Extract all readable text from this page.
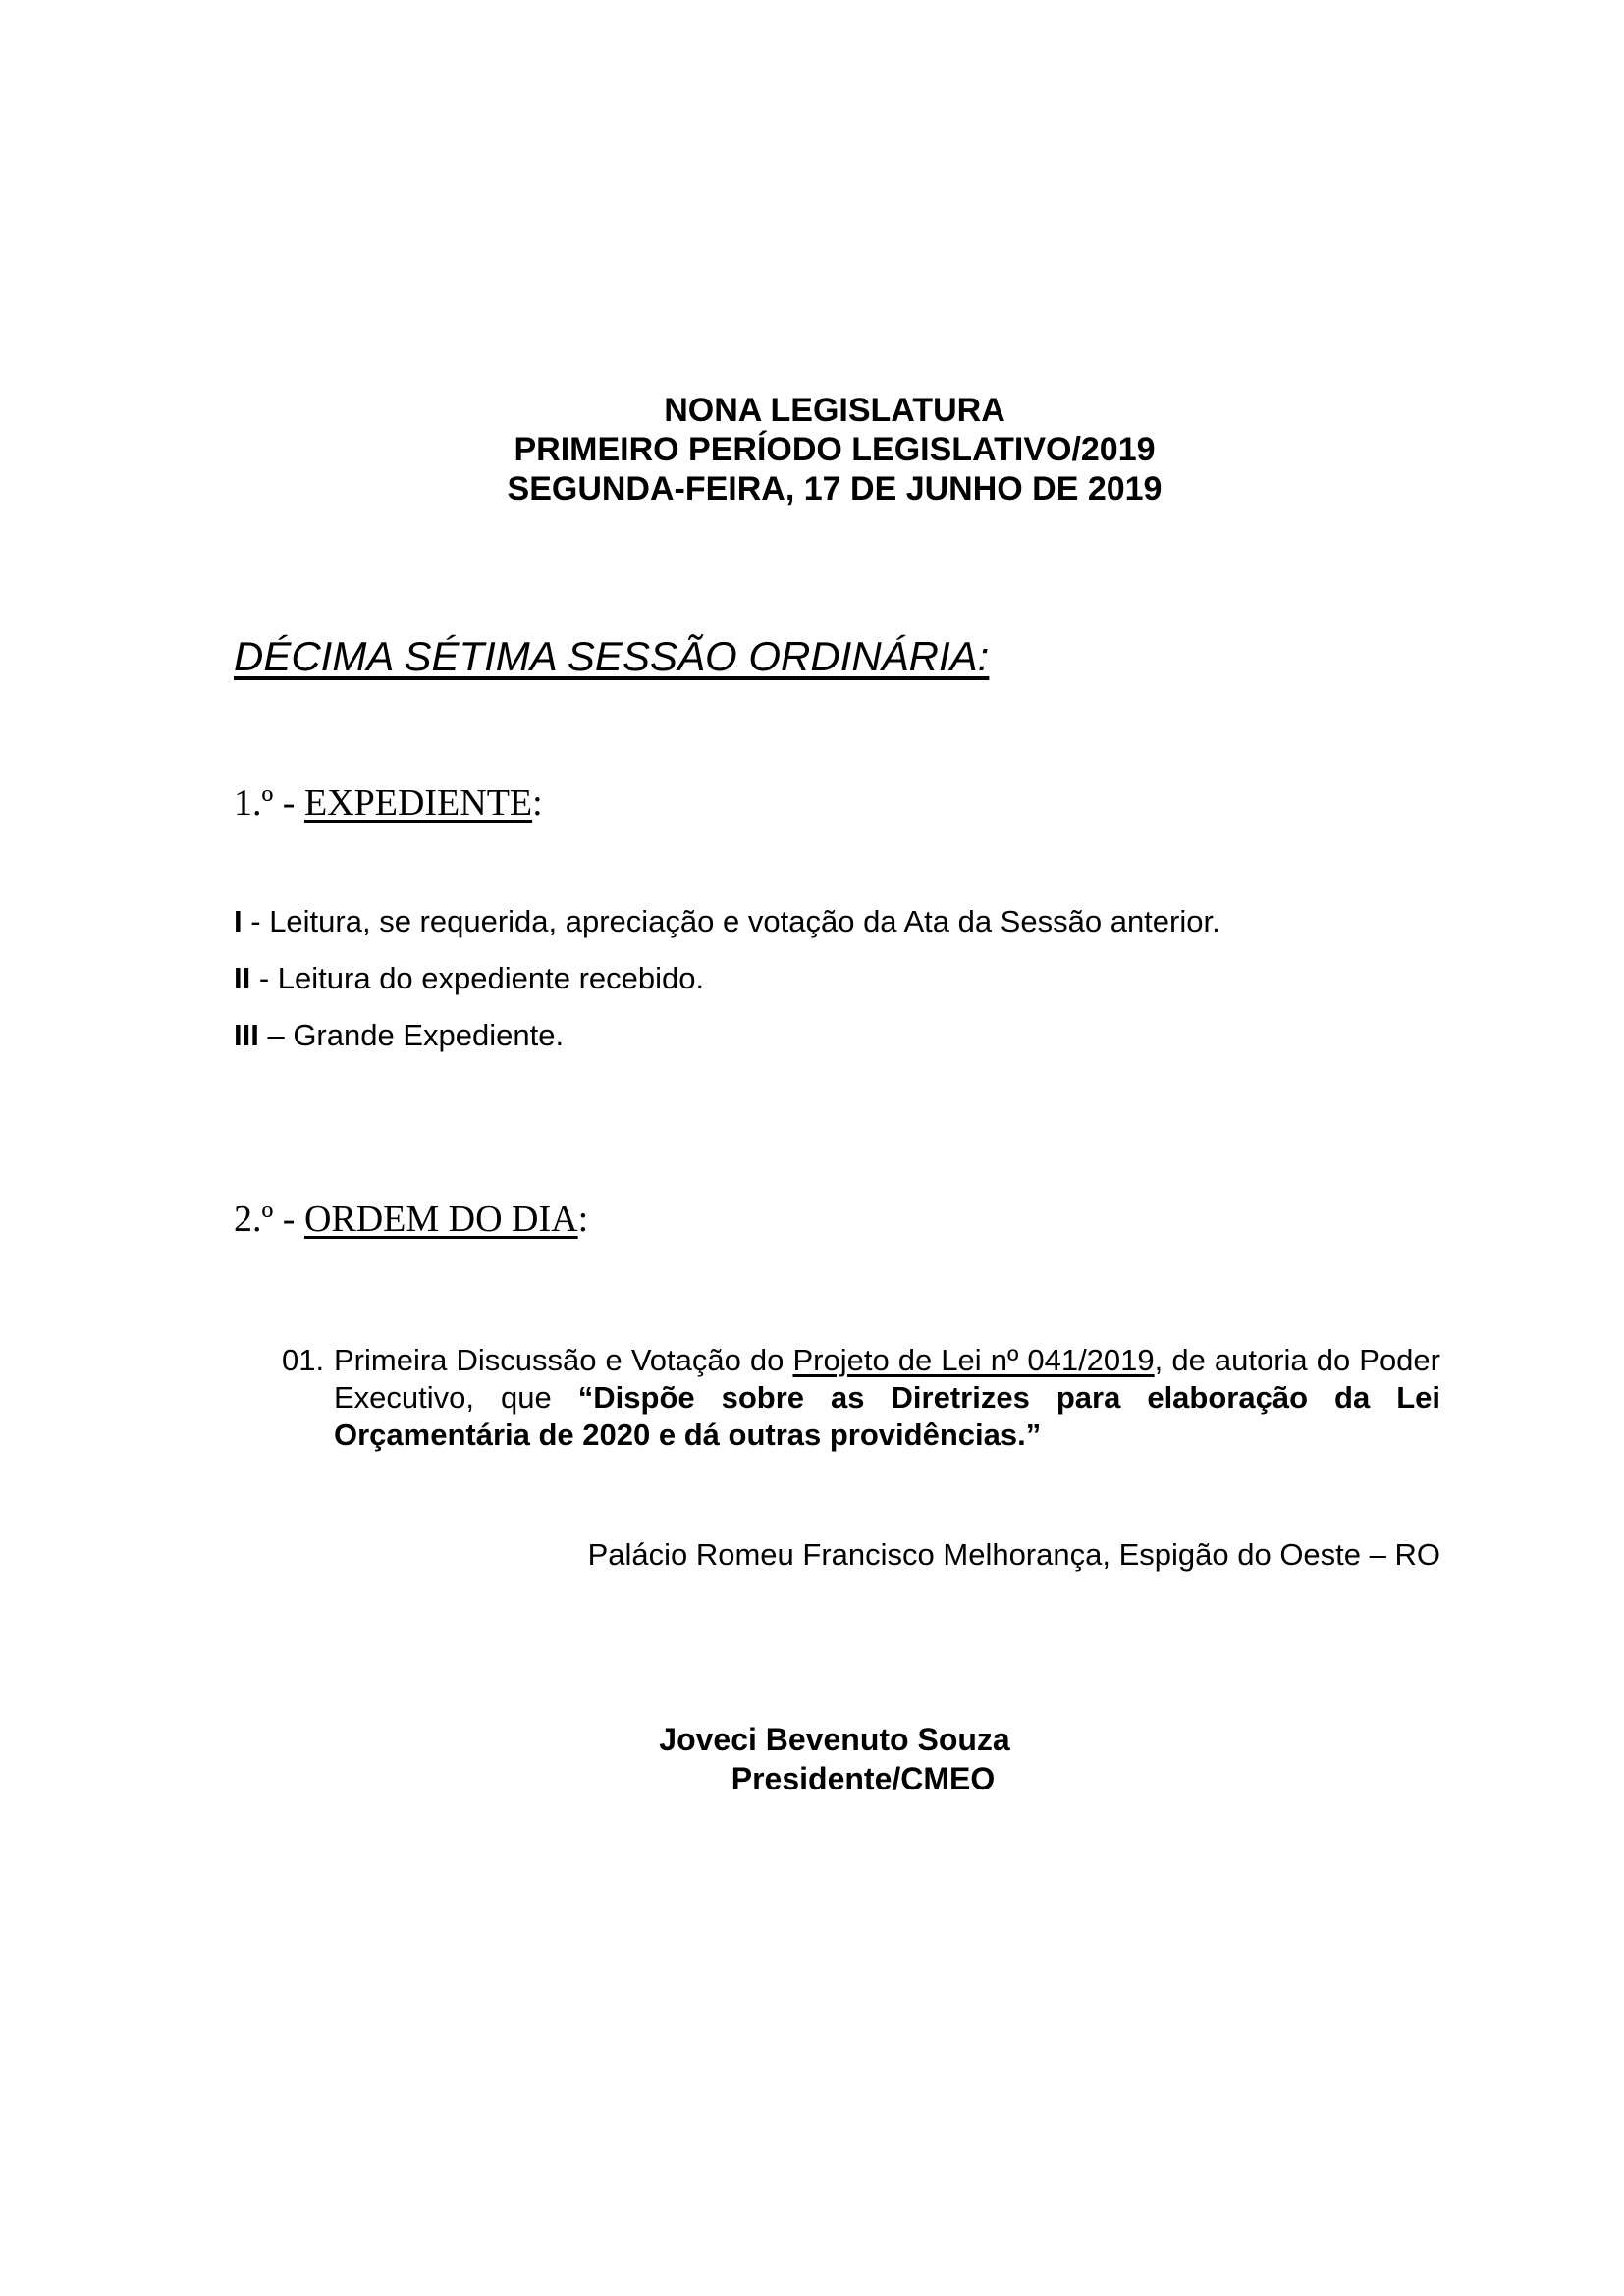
NONA LEGISLATURA
PRIMEIRO PERÍODO LEGISLATIVO/2019
SEGUNDA-FEIRA, 17 DE JUNHO DE 2019
DÉCIMA SÉTIMA SESSÃO ORDINÁRIA:
1.º - EXPEDIENTE:
I - Leitura, se requerida, apreciação e votação da Ata da Sessão anterior.
II - Leitura do expediente recebido.
III – Grande Expediente.
2.º - ORDEM DO DIA:
01. Primeira Discussão e Votação do Projeto de Lei nº 041/2019, de autoria do Poder Executivo, que “Dispõe sobre as Diretrizes para elaboração da Lei Orçamentária de 2020 e dá outras providências.”
Palácio Romeu Francisco Melhorança, Espigão do Oeste – RO
Joveci Bevenuto Souza
Presidente/CMEO
